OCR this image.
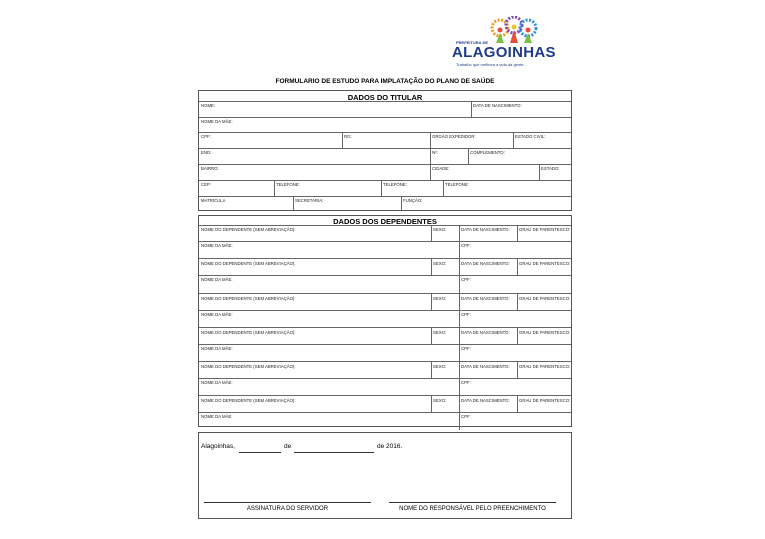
PREFEITURA DE
ALAGOINHAS
Trabalho que melhora a vida da gente.
FORMULARIO DE ESTUDO PARA IMPLATAÇÃO DO PLANO DE SAÚDE
DADOS DO TITULAR
NOME:	DATA DE NASCIMENTO:
NOME DA MÃE:
CPF:	RG:	ORGÃO EXPEDIDOR:	ESTADO CIVIL:
END:	Nº:	COMPLEMENTO:
BAIRRO:	CIDADE:	ESTADO:
CEP:	TELEFONE:	TELEFONE:	TELEFONE:
MATRICULA	SECRETARIA:	FUNÇÃO:
DADOS DOS DEPENDENTES
NOME DO DEPENDENTE (SEM ABREVIAÇÃO):	SEXO:	DATA DE NASCIMENTO: GRAU DE PARENTESCO:
NOME DA MÃE:	CPF:
NOME DO DEPENDENTE (SEM ABREVIAÇÃO):	SEXO:	DATA DE NASCIMENTO: GRAU DE PARENTESCO:
NOME DA MÃE:	CPF:
NOME DO DEPENDENTE (SEM ABREVIAÇÃO):	SEXO:	DATA DE NASCIMENTO: GRAU DE PARENTESCO:
NOME DA MÃE:	CPF:
NOME DO DEPENDENTE (SEM ABREVIAÇÃO):	SEXO:	DATA DE NASCIMENTO: GRAU DE PARENTESCO:
NOME DA MÃE:	CPF:
NOME DO DEPENDENTE (SEM ABREVIAÇÃO):	SEXO:	DATA DE NASCIMENTO: GRAU DE PARENTESCO:
NOME DA MÃE:	CPF:
NOME DO DEPENDENTE (SEM ABREVIAÇÃO):	SEXO:	DATA DE NASCIMENTO: GRAU DE PARENTESCO:
NOME DA MÃE:	CPF:
Alagoinhas,	de	de 2016.
ASSINATURA DO SERVIDOR	NOME DO RESPONSÁVEL PELO PREENCHIMENTO
